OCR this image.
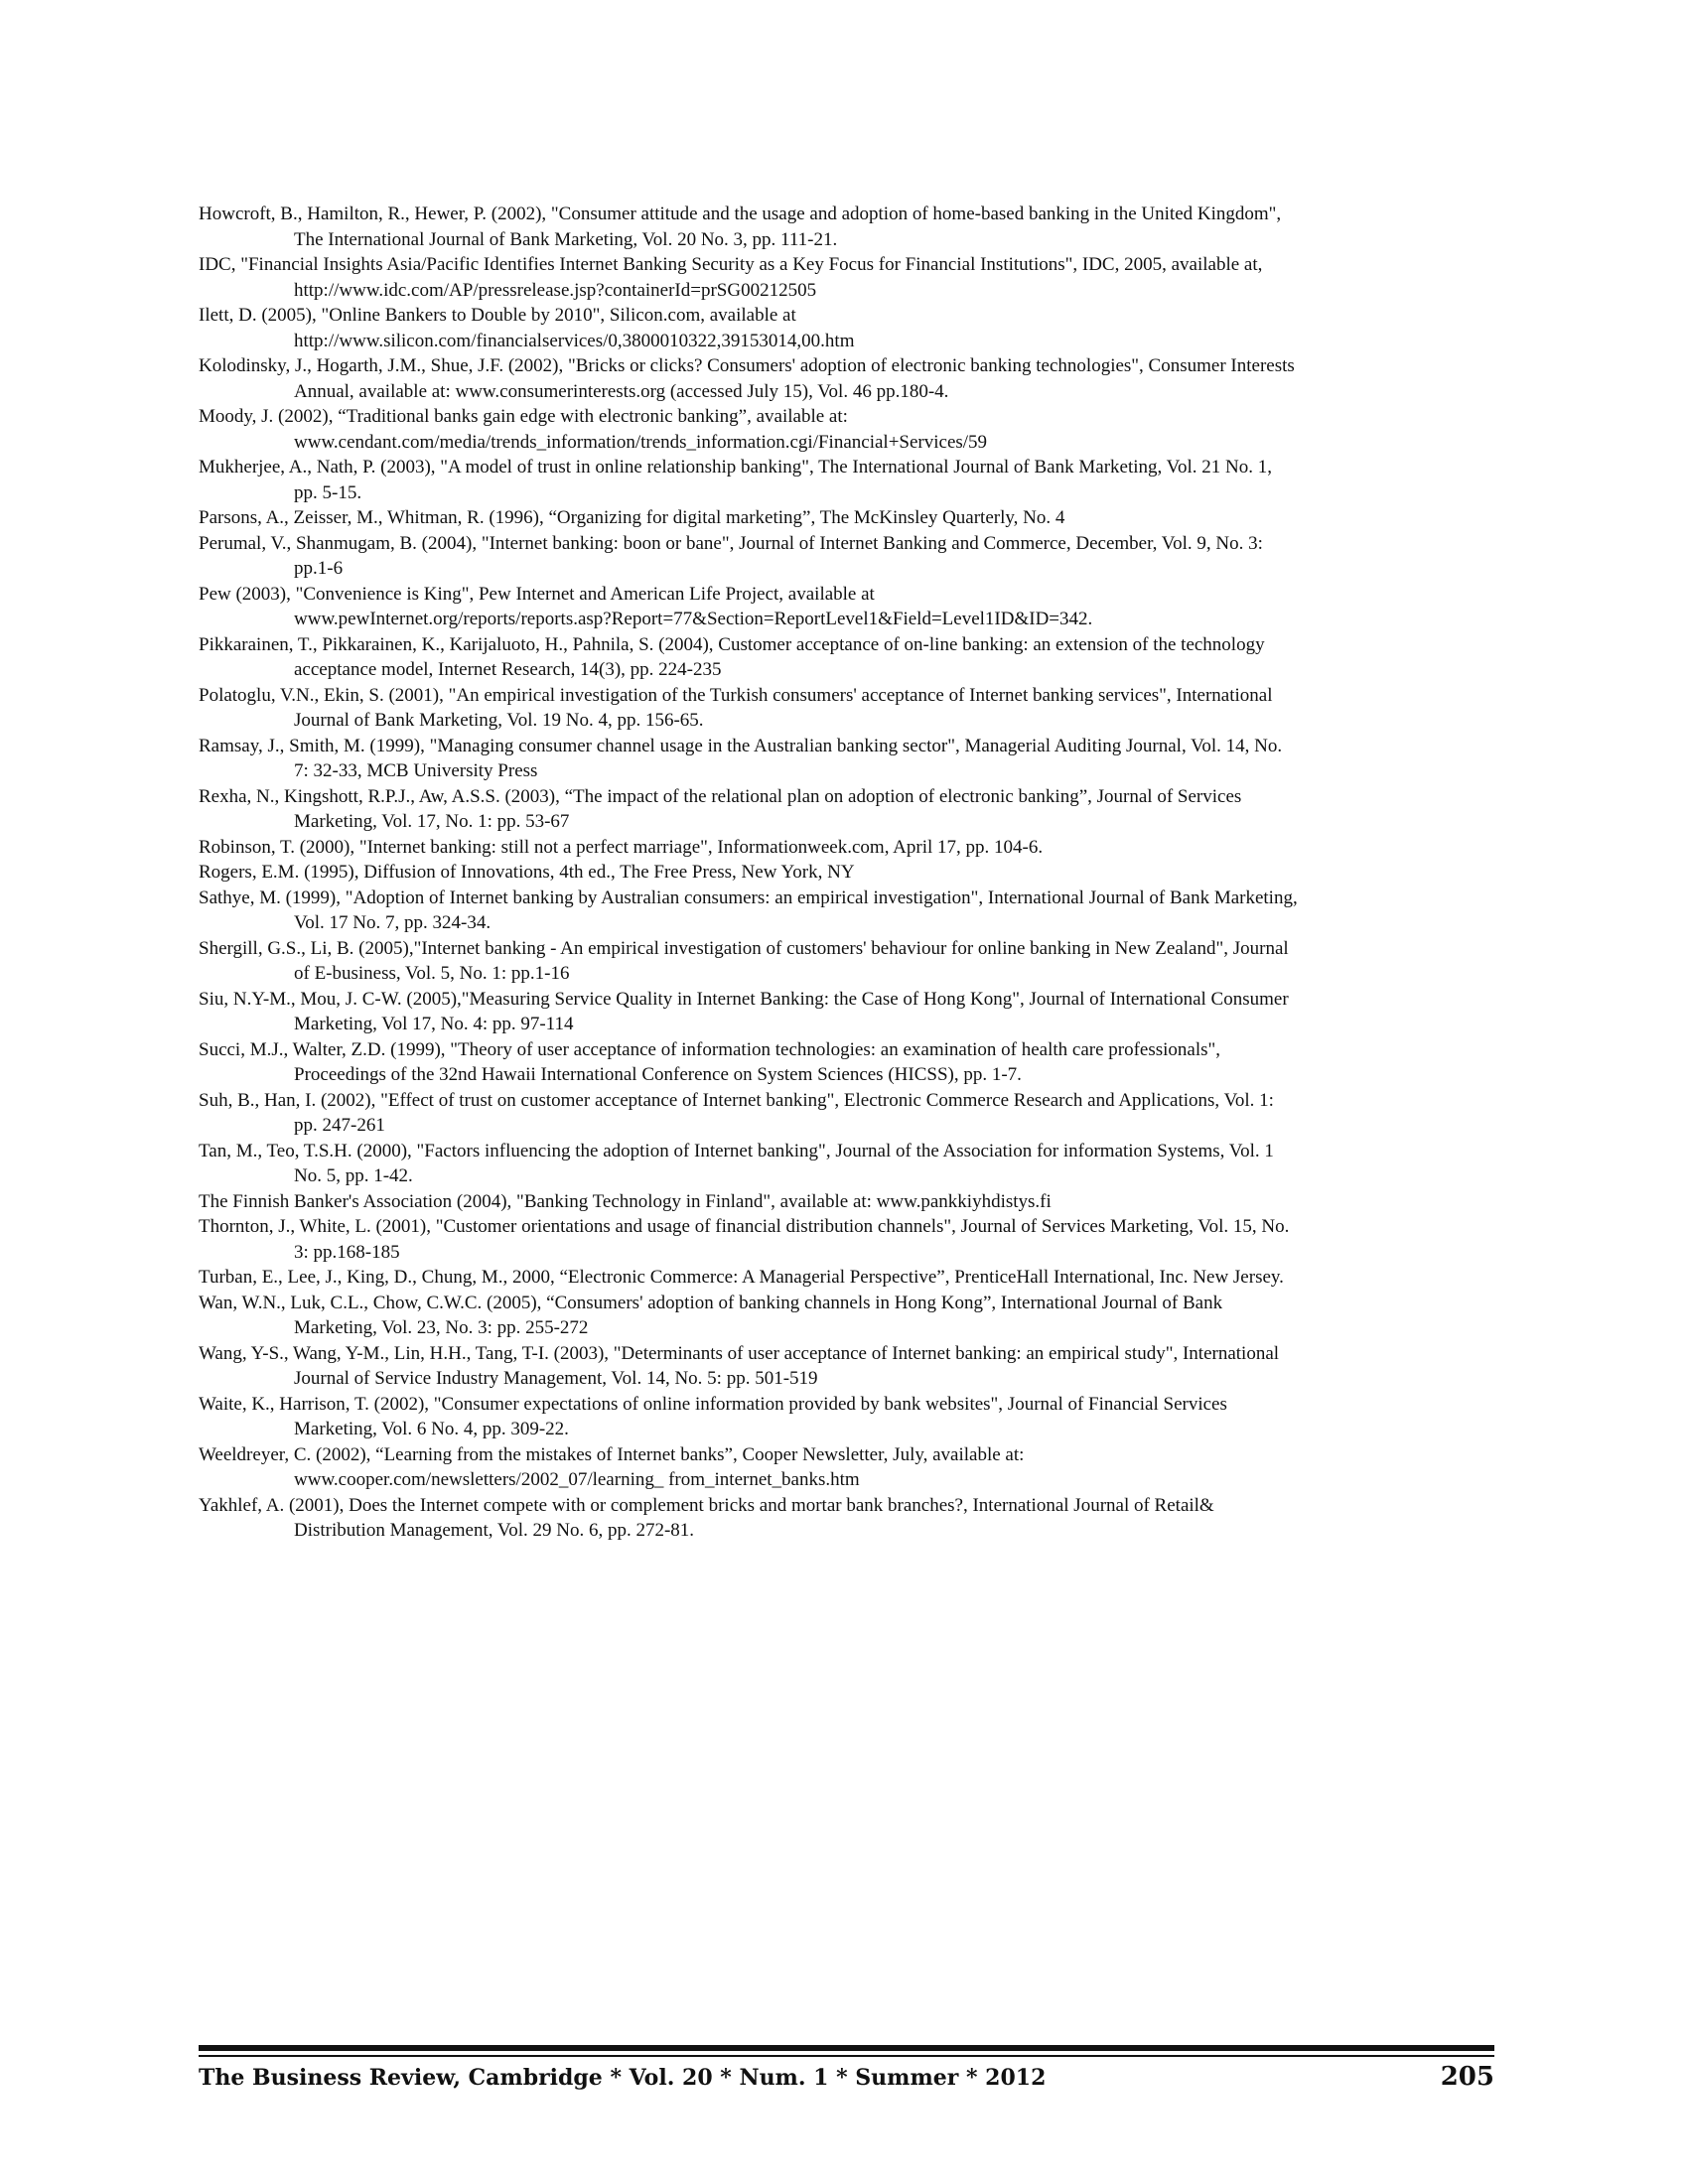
Howcroft, B., Hamilton, R., Hewer, P. (2002), "Consumer attitude and the usage and adoption of home-based banking in the United Kingdom",
The International Journal of Bank Marketing, Vol. 20 No. 3, pp. 111-21.
IDC, "Financial Insights Asia/Pacific Identifies Internet Banking Security as a Key Focus for Financial Institutions", IDC, 2005, available at,
http://www.idc.com/AP/pressrelease.jsp?containerId=prSG00212505
Ilett, D. (2005), "Online Bankers to Double by 2010", Silicon.com, available at
http://www.silicon.com/financialservices/0,3800010322,39153014,00.htm
Kolodinsky, J., Hogarth, J.M., Shue, J.F. (2002), "Bricks or clicks? Consumers' adoption of electronic banking technologies", Consumer Interests
Annual, available at: www.consumerinterests.org (accessed July 15), Vol. 46 pp.180-4.
Moody, J. (2002), “Traditional banks gain edge with electronic banking”, available at:
www.cendant.com/media/trends_information/trends_information.cgi/Financial+Services/59
Mukherjee, A., Nath, P. (2003), "A model of trust in online relationship banking", The International Journal of Bank Marketing, Vol. 21 No. 1,
pp. 5-15.
Parsons, A., Zeisser, M., Whitman, R. (1996), “Organizing for digital marketing”, The McKinsley Quarterly, No. 4
Perumal, V., Shanmugam, B. (2004), "Internet banking: boon or bane", Journal of Internet Banking and Commerce, December, Vol. 9, No. 3:
pp.1-6
Pew (2003), "Convenience is King", Pew Internet and American Life Project, available at
www.pewInternet.org/reports/reports.asp?Report=77&Section=ReportLevel1&Field=Level1ID&ID=342.
Pikkarainen, T., Pikkarainen, K., Karijaluoto, H., Pahnila, S. (2004), Customer acceptance of on-line banking: an extension of the technology
acceptance model, Internet Research, 14(3), pp. 224-235
Polatoglu, V.N., Ekin, S. (2001), "An empirical investigation of the Turkish consumers' acceptance of Internet banking services", International
Journal of Bank Marketing, Vol. 19 No. 4, pp. 156-65.
Ramsay, J., Smith, M. (1999), "Managing consumer channel usage in the Australian banking sector", Managerial Auditing Journal, Vol. 14, No.
7: 32-33, MCB University Press
Rexha, N., Kingshott, R.P.J., Aw, A.S.S. (2003), “The impact of the relational plan on adoption of electronic banking”, Journal of Services
Marketing, Vol. 17, No. 1: pp. 53-67
Robinson, T. (2000), "Internet banking: still not a perfect marriage", Informationweek.com, April 17, pp. 104-6.
Rogers, E.M. (1995), Diffusion of Innovations, 4th ed., The Free Press, New York, NY
Sathye, M. (1999), "Adoption of Internet banking by Australian consumers: an empirical investigation", International Journal of Bank Marketing,
Vol. 17 No. 7, pp. 324-34.
Shergill, G.S., Li, B. (2005),"Internet banking - An empirical investigation of customers' behaviour for online banking in New Zealand", Journal
of E-business, Vol. 5, No. 1: pp.1-16
Siu, N.Y-M., Mou, J. C-W. (2005),"Measuring Service Quality in Internet Banking: the Case of Hong Kong", Journal of International Consumer
Marketing, Vol 17, No. 4: pp. 97-114
Succi, M.J., Walter, Z.D. (1999), "Theory of user acceptance of information technologies: an examination of health care professionals",
Proceedings of the 32nd Hawaii International Conference on System Sciences (HICSS), pp. 1-7.
Suh, B., Han, I. (2002), "Effect of trust on customer acceptance of Internet banking", Electronic Commerce Research and Applications, Vol. 1:
pp. 247-261
Tan, M., Teo, T.S.H. (2000), "Factors influencing the adoption of Internet banking", Journal of the Association for information Systems, Vol. 1
No. 5, pp. 1-42.
The Finnish Banker's Association (2004), "Banking Technology in Finland", available at: www.pankkiyhdistys.fi
Thornton, J., White, L. (2001), "Customer orientations and usage of financial distribution channels", Journal of Services Marketing, Vol. 15, No.
3: pp.168-185
Turban, E., Lee, J., King, D., Chung, M., 2000, “Electronic Commerce: A Managerial Perspective”, PrenticeHall International, Inc. New Jersey.
Wan, W.N., Luk, C.L., Chow, C.W.C. (2005), “Consumers' adoption of banking channels in Hong Kong”, International Journal of Bank
Marketing, Vol. 23, No. 3: pp. 255-272
Wang, Y-S., Wang, Y-M., Lin, H.H., Tang, T-I. (2003), "Determinants of user acceptance of Internet banking: an empirical study", International
Journal of Service Industry Management, Vol. 14, No. 5: pp. 501-519
Waite, K., Harrison, T. (2002), "Consumer expectations of online information provided by bank websites", Journal of Financial Services
Marketing, Vol. 6 No. 4, pp. 309-22.
Weeldreyer, C. (2002), “Learning from the mistakes of Internet banks”, Cooper Newsletter, July, available at:
www.cooper.com/newsletters/2002_07/learning_ from_internet_banks.htm
Yakhlef, A. (2001), Does the Internet compete with or complement bricks and mortar bank branches?, International Journal of Retail&
Distribution Management, Vol. 29 No. 6, pp. 272-81.
The Business Review, Cambridge * Vol. 20 * Num. 1 * Summer * 2012	205
